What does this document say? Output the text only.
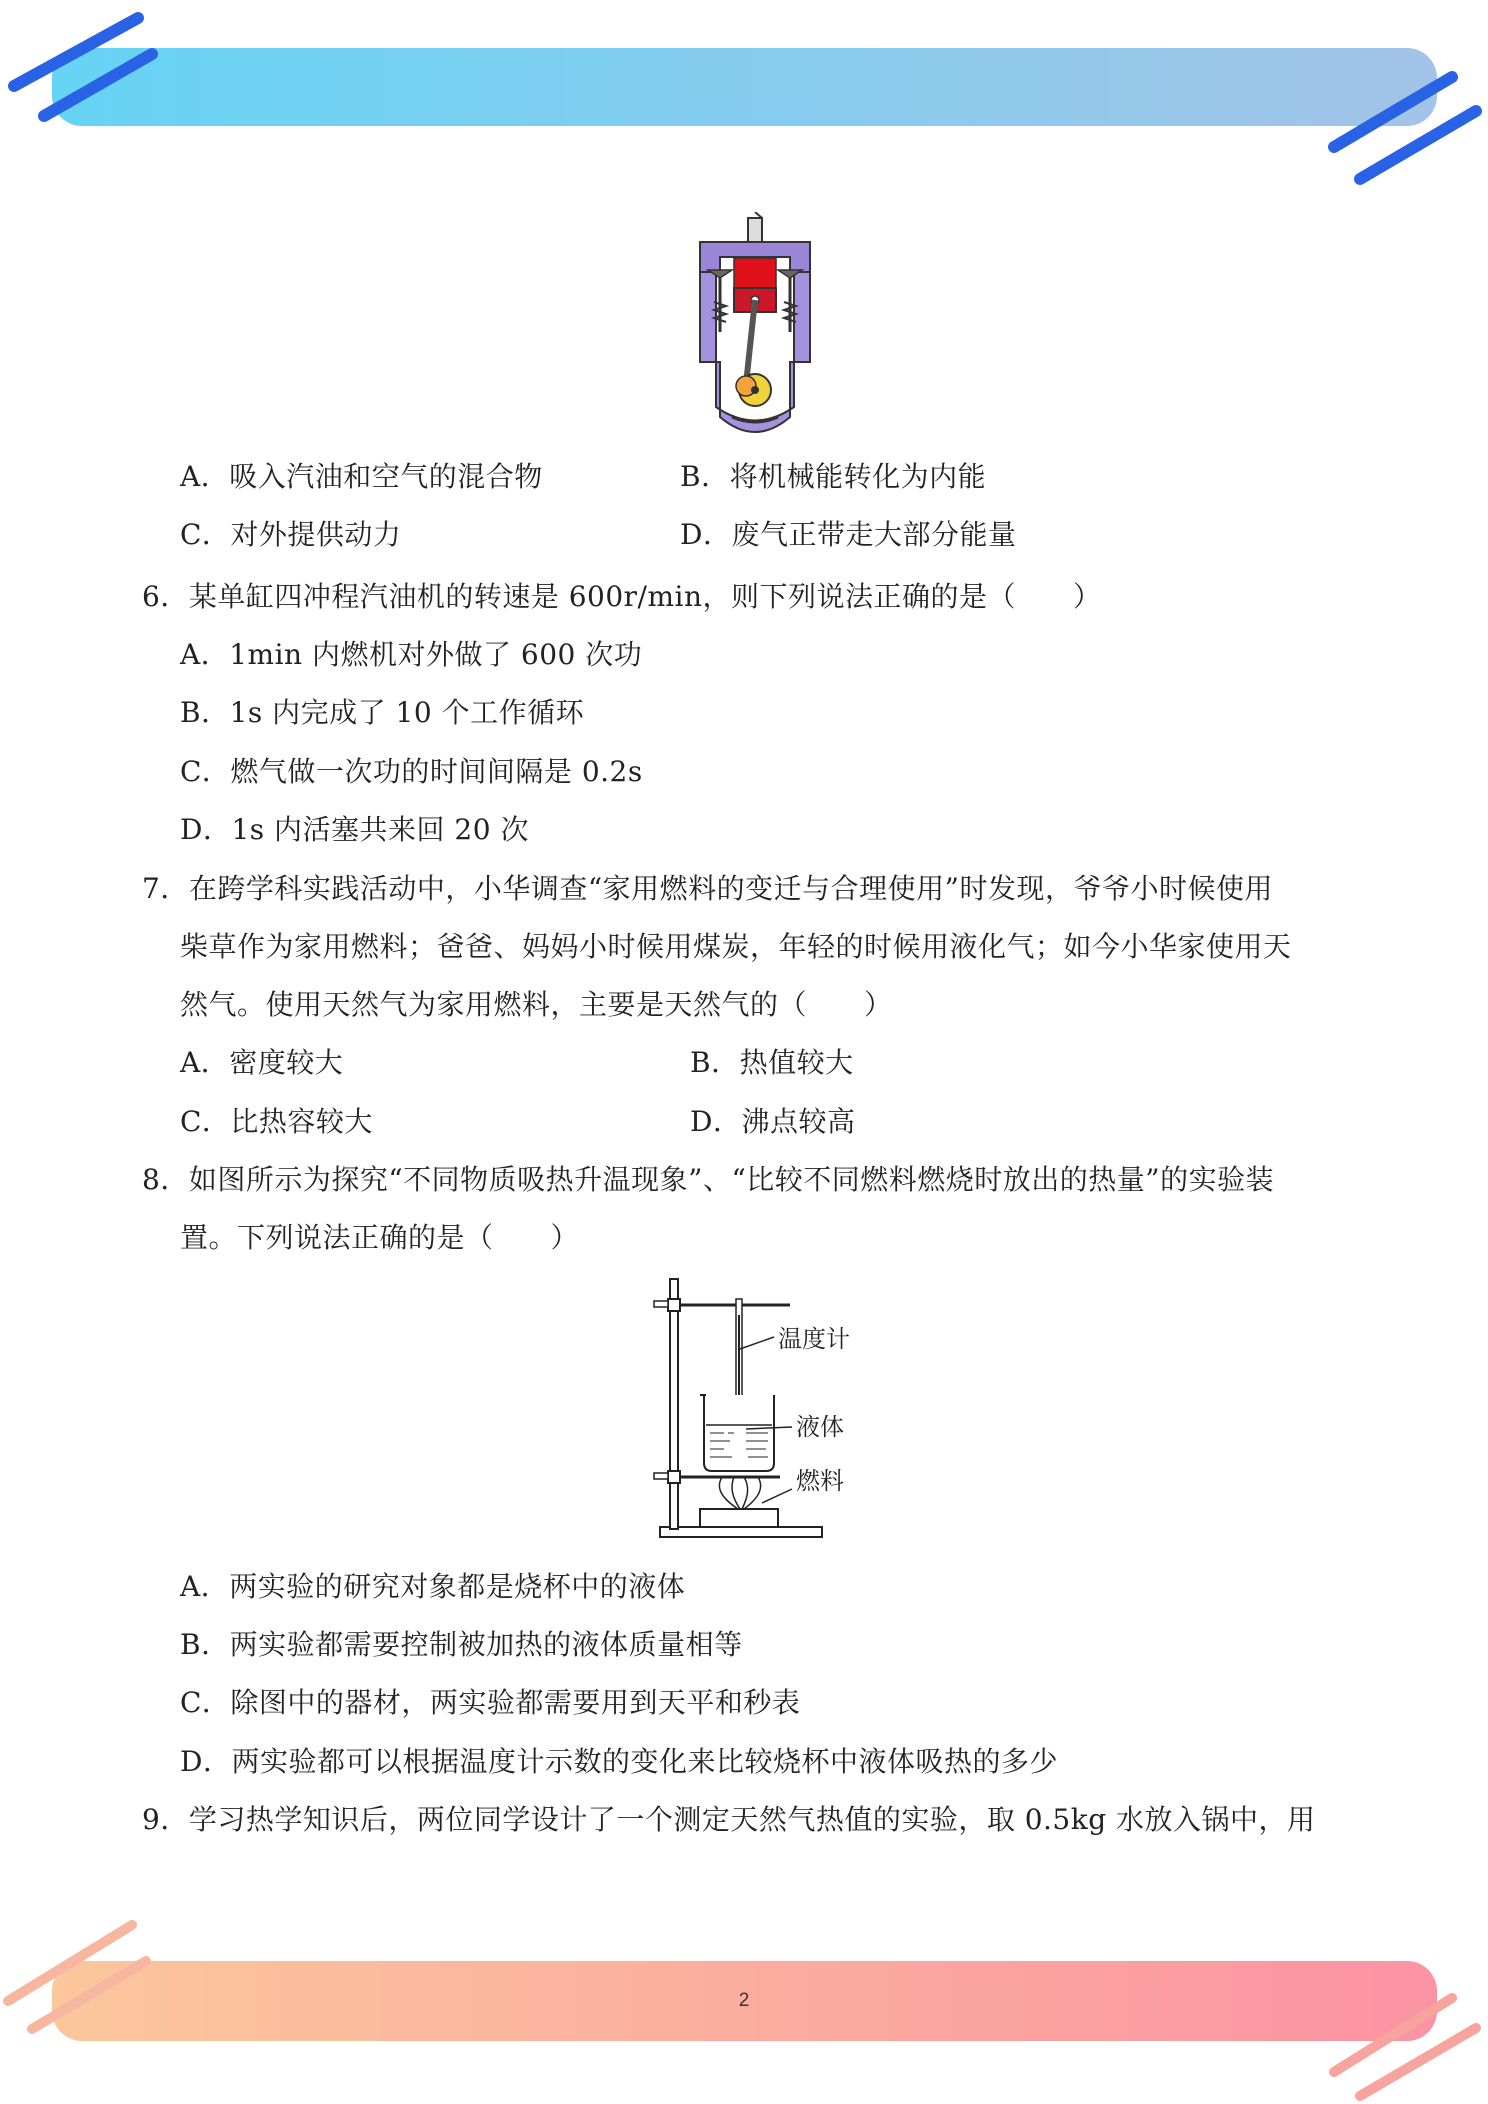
A．吸入汽油和空气的混合物	B．将机械能转化为内能
C．对外提供动力	D．废气正带走大部分能量
6．某单缸四冲程汽油机的转速是 600r/min，则下列说法正确的是（　　）
A．1min 内燃机对外做了 600 次功
B．1s 内完成了 10 个工作循环
C．燃气做一次功的时间间隔是 0.2s
D．1s 内活塞共来回 20 次
7．在跨学科实践活动中，小华调查“家用燃料的变迁与合理使用”时发现，爷爷小时候使用
柴草作为家用燃料；爸爸、妈妈小时候用煤炭，年轻的时候用液化气；如今小华家使用天
然气。使用天然气为家用燃料，主要是天然气的（　　）
A．密度较大	B．热值较大
C．比热容较大	D．沸点较高
8．如图所示为探究“不同物质吸热升温现象”、“比较不同燃料燃烧时放出的热量”的实验装
置。下列说法正确的是（　　）
温度计
液体
燃料
A．两实验的研究对象都是烧杯中的液体
B．两实验都需要控制被加热的液体质量相等
C．除图中的器材，两实验都需要用到天平和秒表
D．两实验都可以根据温度计示数的变化来比较烧杯中液体吸热的多少
9．学习热学知识后，两位同学设计了一个测定天然气热值的实验，取 0.5kg 水放入锅中，用
2
